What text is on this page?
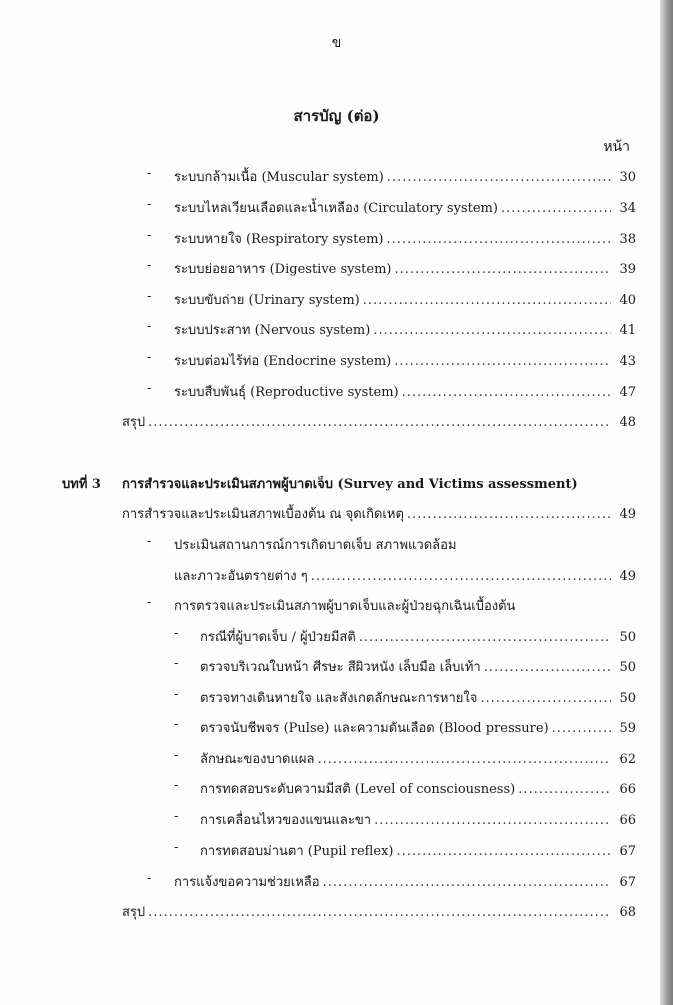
ข
สารบัญ (ต่อ)
หน้า
- ระบบกล้ามเนื้อ (Muscular system) .....	30
- ระบบไหลเวียนเลือดและน้ำเหลือง (Circulatory system) .....	34
- ระบบหายใจ (Respiratory system) .....	38
- ระบบย่อยอาหาร (Digestive system) .....	39
- ระบบขับถ่าย (Urinary system) .....	40
- ระบบประสาท (Nervous system) .....	41
- ระบบต่อมไร้ท่อ (Endocrine system) .....	43
- ระบบสืบพันธุ์ (Reproductive system) .....	47
สรุป .....	48
บทที่ 3 การสำรวจและประเมินสภาพผู้บาดเจ็บ (Survey and Victims assessment)
การสำรวจและประเมินสภาพเบื้องต้น ณ จุดเกิดเหตุ .....	49
- ประเมินสถานการณ์การเกิดบาดเจ็บ สภาพแวดล้อม
และภาวะอันตรายต่าง ๆ .....	49
- การตรวจและประเมินสภาพผู้บาดเจ็บและผู้ป่วยฉุกเฉินเบื้องต้น
- กรณีที่ผู้บาดเจ็บ / ผู้ป่วยมีสติ .....	50
- ตรวจบริเวณใบหน้า ศีรษะ สีผิวหนัง เล็บมือ เล็บเท้า .....	50
- ตรวจทางเดินหายใจ และสังเกตลักษณะการหายใจ .....	50
- ตรวจนับชีพจร (Pulse) และความดันเลือด (Blood pressure) .....	59
- ลักษณะของบาดแผล .....	62
- การทดสอบระดับความมีสติ (Level of consciousness) .....	66
- การเคลื่อนไหวของแขนและขา .....	66
- การทดสอบม่านตา (Pupil reflex) .....	67
- การแจ้งขอความช่วยเหลือ .....	67
สรุป .....	68
